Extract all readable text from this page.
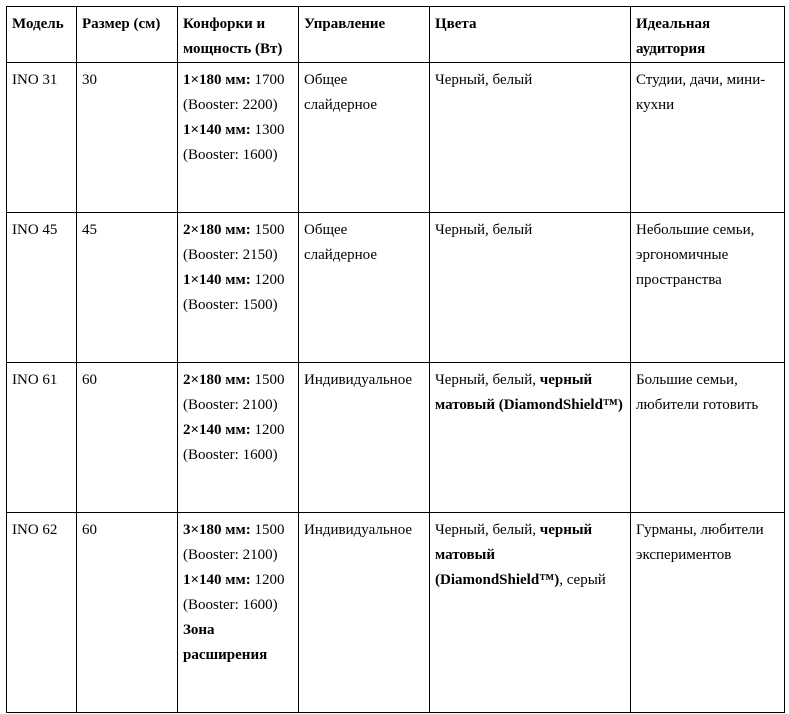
Модель	Размер (см)	Конфорки и мощность (Вт)	Управление	Цвета	Идеальная аудитория
INO 31	30	1×180 мм: 1700 (Booster: 2200) 1×140 мм: 1300 (Booster: 1600)	Общее слайдерное	Черный, белый	Студии, дачи, мини-кухни
INO 45	45	2×180 мм: 1500 (Booster: 2150) 1×140 мм: 1200 (Booster: 1500)	Общее слайдерное	Черный, белый	Небольшие семьи, эргономичные пространства
INO 61	60	2×180 мм: 1500 (Booster: 2100) 2×140 мм: 1200 (Booster: 1600)	Индивидуальное	Черный, белый, черный матовый (DiamondShield™)	Большие семьи, любители готовить
INO 62	60	3×180 мм: 1500 (Booster: 2100) 1×140 мм: 1200 (Booster: 1600) Зона расширения	Индивидуальное	Черный, белый, черный матовый (DiamondShield™), серый	Гурманы, любители экспериментов
